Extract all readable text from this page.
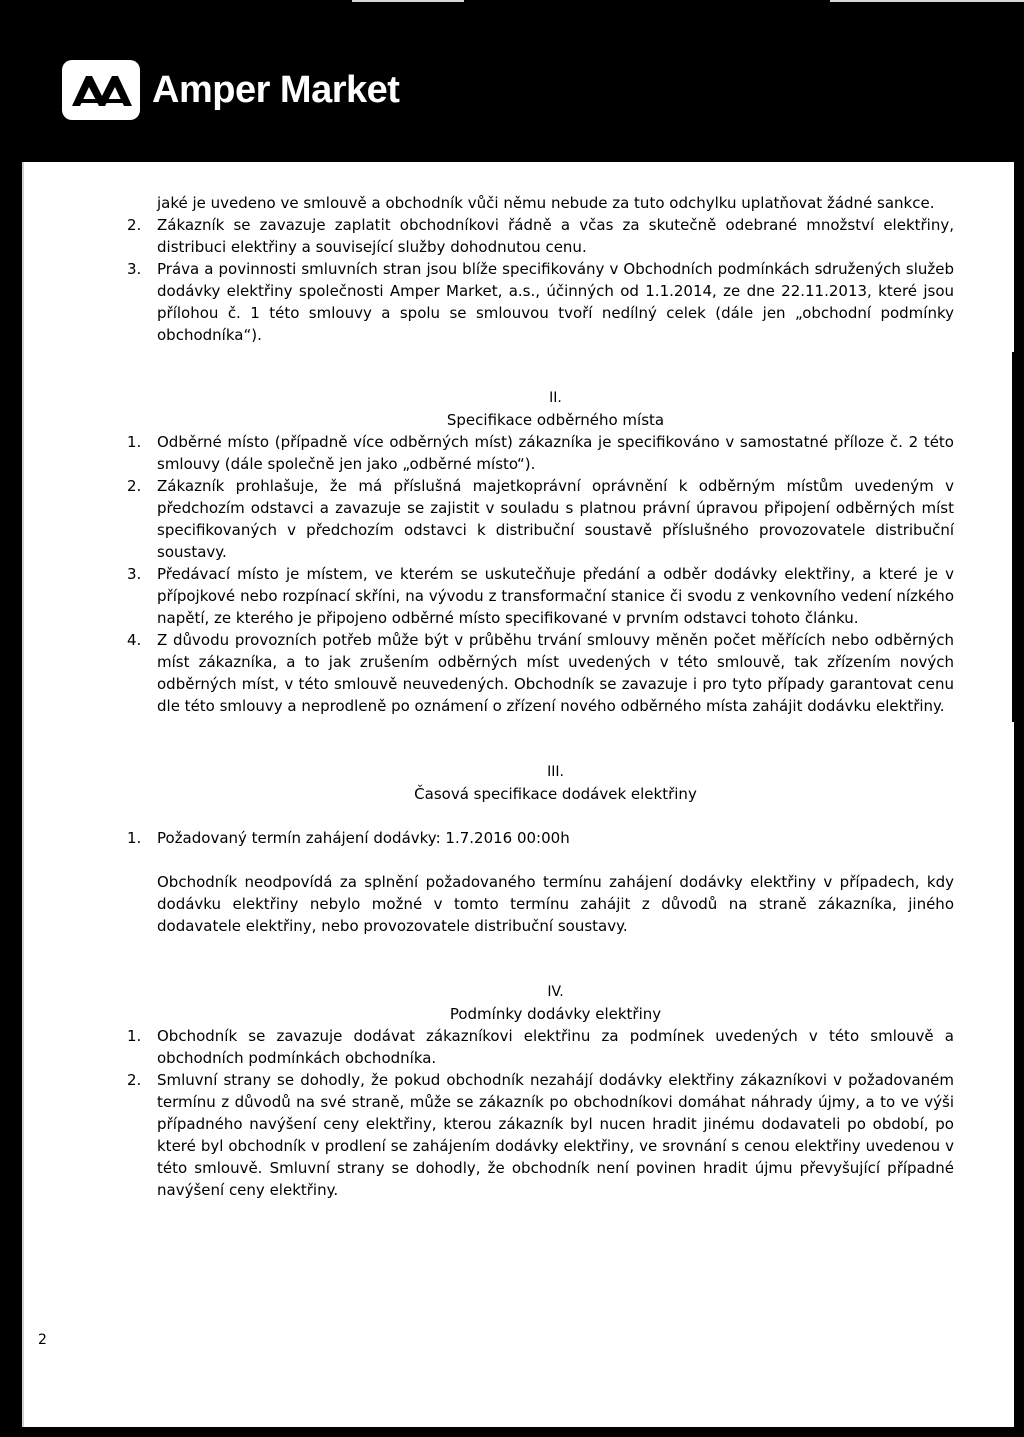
Amper Market

jaké je uvedeno ve smlouvě a obchodník vůči němu nebude za tuto odchylku uplatňovat žádné sankce.

2.	Zákazník se zavazuje zaplatit obchodníkovi řádně a včas za skutečně odebrané množství elektřiny, distribuci elektřiny a související služby dohodnutou cenu.
3.	Práva a povinnosti smluvních stran jsou blíže specifikovány v Obchodních podmínkách sdružených služeb dodávky elektřiny společnosti Amper Market, a.s., účinných od 1.1.2014, ze dne 22.11.2013, které jsou přílohou č. 1 této smlouvy a spolu se smlouvou tvoří nedílný celek (dále jen „obchodní podmínky obchodníka“).

II.

Specifikace odběrného místa

1.	Odběrné místo (případně více odběrných míst) zákazníka je specifikováno v samostatné příloze č. 2 této smlouvy (dále společně jen jako „odběrné místo“).
2.	Zákazník prohlašuje, že má příslušná majetkoprávní oprávnění k odběrným místům uvedeným v předchozím odstavci a zavazuje se zajistit v souladu s platnou právní úpravou připojení odběrných míst specifikovaných v předchozím odstavci k distribuční soustavě příslušného provozovatele distribuční soustavy.
3.	Předávací místo je místem, ve kterém se uskutečňuje předání a odběr dodávky elektřiny, a které je v přípojkové nebo rozpínací skříni, na vývodu z transformační stanice či svodu z venkovního vedení nízkého napětí, ze kterého je připojeno odběrné místo specifikované v prvním odstavci tohoto článku.
4.	Z důvodu provozních potřeb může být v průběhu trvání smlouvy měněn počet měřících nebo odběrných míst zákazníka, a to jak zrušením odběrných míst uvedených v této smlouvě, tak zřízením nových odběrných míst, v této smlouvě neuvedených. Obchodník se zavazuje i pro tyto případy garantovat cenu dle této smlouvy a neprodleně po oznámení o zřízení nového odběrného místa zahájit dodávku elektřiny.

III.

Časová specifikace dodávek elektřiny

1.	Požadovaný termín zahájení dodávky: 1.7.2016 00:00h

Obchodník neodpovídá za splnění požadovaného termínu zahájení dodávky elektřiny v případech, kdy dodávku elektřiny nebylo možné v tomto termínu zahájit z důvodů na straně zákazníka, jiného dodavatele elektřiny, nebo provozovatele distribuční soustavy.

IV.

Podmínky dodávky elektřiny

1.	Obchodník se zavazuje dodávat zákazníkovi elektřinu za podmínek uvedených v této smlouvě a obchodních podmínkách obchodníka.
2.	Smluvní strany se dohodly, že pokud obchodník nezahájí dodávky elektřiny zákazníkovi v požadovaném termínu z důvodů na své straně, může se zákazník po obchodníkovi domáhat náhrady újmy, a to ve výši případného navýšení ceny elektřiny, kterou zákazník byl nucen hradit jinému dodavateli po období, po které byl obchodník v prodlení se zahájením dodávky elektřiny, ve srovnání s cenou elektřiny uvedenou v této smlouvě. Smluvní strany se dohodly, že obchodník není povinen hradit újmu převyšující případné navýšení ceny elektřiny.
2
